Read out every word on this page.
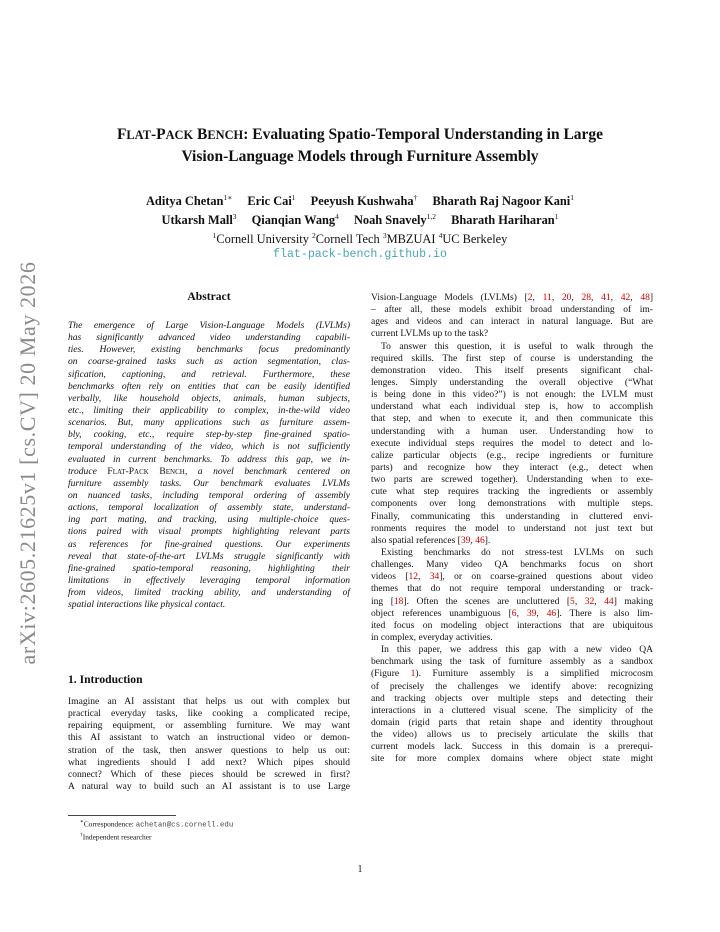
arXiv:2605.21625v1 [cs.CV] 20 May 2026
FLAT-PACK BENCH: Evaluating Spatio-Temporal Understanding in Large
Vision-Language Models through Furniture Assembly
Aditya Chetan$^{1∗}$ Eric Cai$^1$ Peeyush Kushwaha† Bharath Raj Nagoor Kani$^1$
Utkarsh Mall$^3$ Qianqian Wang$^4$ Noah Snavely$^{1,2}$ Bharath Hariharan$^1$
$^1$Cornell University $^2$Cornell Tech $^3$MBZUAI $^4$UC Berkeley
flat-pack-bench.github.io
Abstract
The emergence of Large Vision-Language Models (LVLMs)
has significantly advanced video understanding capabili-
ties. However, existing benchmarks focus predominantly
on coarse-grained tasks such as action segmentation, clas-
sification, captioning, and retrieval. Furthermore, these
benchmarks often rely on entities that can be easily identified
verbally, like household objects, animals, human subjects,
etc., limiting their applicability to complex, in-the-wild video
scenarios. But, many applications such as furniture assem-
bly, cooking, etc., require step-by-step fine-grained spatio-
temporal understanding of the video, which is not sufficiently
evaluated in current benchmarks. To address this gap, we in-
troduce Flat-Pack Bench, a novel benchmark centered on
furniture assembly tasks. Our benchmark evaluates LVLMs
on nuanced tasks, including temporal ordering of assembly
actions, temporal localization of assembly state, understand-
ing part mating, and tracking, using multiple-choice ques-
tions paired with visual prompts highlighting relevant parts
as references for fine-grained questions. Our experiments
reveal that state-of-the-art LVLMs struggle significantly with
fine-grained spatio-temporal reasoning, highlighting their
limitations in effectively leveraging temporal information
from videos, limited tracking ability, and understanding of
spatial interactions like physical contact.
1. Introduction
Imagine an AI assistant that helps us out with complex but
practical everyday tasks, like cooking a complicated recipe,
repairing equipment, or assembling furniture. We may want
this AI assistant to watch an instructional video or demon-
stration of the task, then answer questions to help us out:
what ingredients should I add next? Which pipes should
connect? Which of these pieces should be screwed in first?
A natural way to build such an AI assistant is to use Large
∗Correspondence: achetan@cs.cornell.edu
†Independent researcher
Vision-Language Models (LVLMs) [2, 11, 20, 28, 41, 42, 48]
– after all, these models exhibit broad understanding of im-
ages and videos and can interact in natural language. But are
current LVLMs up to the task?
To answer this question, it is useful to walk through the
required skills. The first step of course is understanding the
demonstration video. This itself presents significant chal-
lenges. Simply understanding the overall objective (“What
is being done in this video?”) is not enough: the LVLM must
understand what each individual step is, how to accomplish
that step, and when to execute it, and then communicate this
understanding with a human user. Understanding how to
execute individual steps requires the model to detect and lo-
calize particular objects (e.g., recipe ingredients or furniture
parts) and recognize how they interact (e.g., detect when
two parts are screwed together). Understanding when to exe-
cute what step requires tracking the ingredients or assembly
components over long demonstrations with multiple steps.
Finally, communicating this understanding in cluttered envi-
ronments requires the model to understand not just text but
also spatial references [39, 46].
Existing benchmarks do not stress-test LVLMs on such
challenges. Many video QA benchmarks focus on short
videos [12, 34], or on coarse-grained questions about video
themes that do not require temporal understanding or track-
ing [18]. Often the scenes are uncluttered [5, 32, 44] making
object references unambiguous [6, 39, 46]. There is also lim-
ited focus on modeling object interactions that are ubiquitous
in complex, everyday activities.
In this paper, we address this gap with a new video QA
benchmark using the task of furniture assembly as a sandbox
(Figure 1). Furniture assembly is a simplified microcosm
of precisely the challenges we identify above: recognizing
and tracking objects over multiple steps and detecting their
interactions in a cluttered visual scene. The simplicity of the
domain (rigid parts that retain shape and identity throughout
the video) allows us to precisely articulate the skills that
current models lack. Success in this domain is a prerequi-
site for more complex domains where object state might
1
